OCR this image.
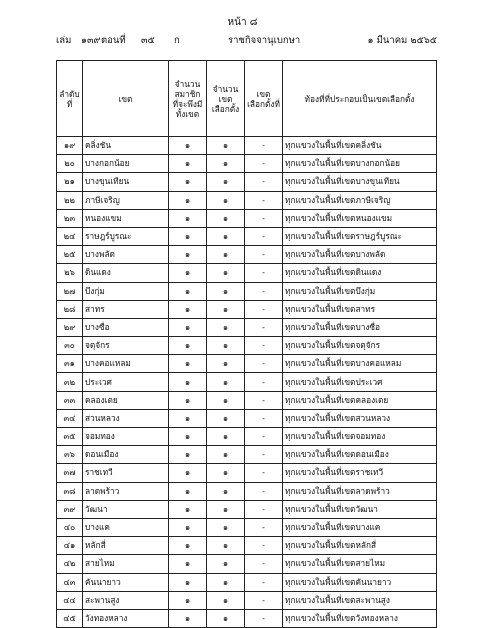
หน้า ๘
เล่ม ๑๓๙ ตอนที่ ๓๕ ก	ราชกิจจานุเบกษา	๑ มีนาคม ๒๕๖๕
ลำดับ ที่	เขต	จำนวน สมาชิก ที่จะพึงมี ทั้งเขต	จำนวน เขต เลือกตั้ง	เขต เลือกตั้งที่	ท้องที่ที่ประกอบเป็นเขตเลือกตั้ง
๑๙	คลิ่งชัน	๑	๑	-	ทุกแขวงในพื้นที่เขตคลิ่งชัน
๒๐	บางกอกน้อย	๑	๑	-	ทุกแขวงในพื้นที่เขตบางกอกน้อย
๒๑	บางขุนเทียน	๑	๑	-	ทุกแขวงในพื้นที่เขตบางขุนเทียน
๒๒	ภาษีเจริญ	๑	๑	-	ทุกแขวงในพื้นที่เขตภาษีเจริญ
๒๓	หนองแขม	๑	๑	-	ทุกแขวงในพื้นที่เขตหนองแขม
๒๔	ราษฎร์บูรณะ	๑	๑	-	ทุกแขวงในพื้นที่เขตราษฎร์บูรณะ
๒๕	บางพลัด	๑	๑	-	ทุกแขวงในพื้นที่เขตบางพลัด
๒๖	ดินแดง	๑	๑	-	ทุกแขวงในพื้นที่เขตดินแดง
๒๗	บึงกุ่ม	๑	๑	-	ทุกแขวงในพื้นที่เขตบึงกุ่ม
๒๘	สาทร	๑	๑	-	ทุกแขวงในพื้นที่เขตสาทร
๒๙	บางซื่อ	๑	๑	-	ทุกแขวงในพื้นที่เขตบางซื่อ
๓๐	จตุจักร	๑	๑	-	ทุกแขวงในพื้นที่เขตจตุจักร
๓๑	บางคอแหลม	๑	๑	-	ทุกแขวงในพื้นที่เขตบางคอแหลม
๓๒	ประเวศ	๑	๑	-	ทุกแขวงในพื้นที่เขตประเวศ
๓๓	คลองเตย	๑	๑	-	ทุกแขวงในพื้นที่เขตคลองเตย
๓๔	สวนหลวง	๑	๑	-	ทุกแขวงในพื้นที่เขตสวนหลวง
๓๕	จอมทอง	๑	๑	-	ทุกแขวงในพื้นที่เขตจอมทอง
๓๖	ดอนเมือง	๑	๑	-	ทุกแขวงในพื้นที่เขตดอนเมือง
๓๗	ราชเทวี	๑	๑	-	ทุกแขวงในพื้นที่เขตราชเทวี
๓๘	ลาดพร้าว	๑	๑	-	ทุกแขวงในพื้นที่เขตลาดพร้าว
๓๙	วัฒนา	๑	๑	-	ทุกแขวงในพื้นที่เขตวัฒนา
๔๐	บางแค	๑	๑	-	ทุกแขวงในพื้นที่เขตบางแค
๔๑	หลักสี่	๑	๑	-	ทุกแขวงในพื้นที่เขตหลักสี่
๔๒	สายไหม	๑	๑	-	ทุกแขวงในพื้นที่เขตสายไหม
๔๓	คันนายาว	๑	๑	-	ทุกแขวงในพื้นที่เขตคันนายาว
๔๔	สะพานสูง	๑	๑	-	ทุกแขวงในพื้นที่เขตสะพานสูง
๔๕	วังทองหลาง	๑	๑	-	ทุกแขวงในพื้นที่เขตวังทองหลาง
